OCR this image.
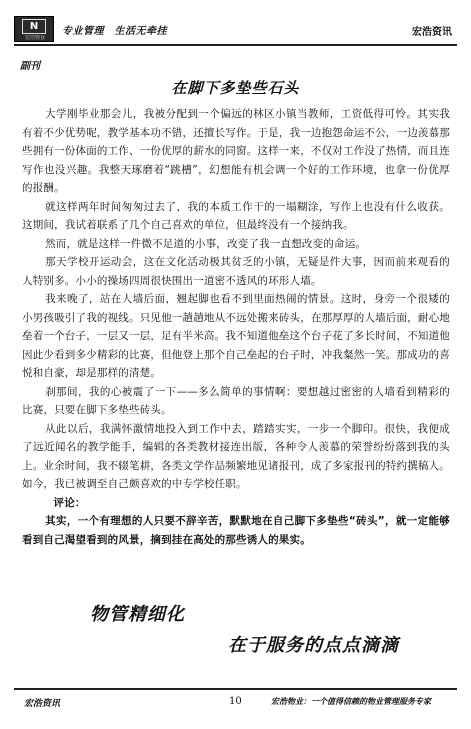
N
宏浩物业
专业管理　生活无牵挂	宏浩资讯
副刊
在脚下多垫些石头

大学刚毕业那会儿，我被分配到一个偏远的林区小镇当教师，工资低得可怜。其实我有着不少优势呢，教学基本功不错，还擅长写作。于是，我一边抱怨命运不公，一边羡慕那些拥有一份体面的工作、一份优厚的薪水的同窗。这样一来，不仅对工作没了热情，而且连写作也没兴趣。我整天琢磨着“跳槽”，幻想能有机会调一个好的工作环境，也拿一份优厚的报酬。

就这样两年时间匆匆过去了，我的本质工作干的一塌糊涂，写作上也没有什么收获。这期间，我试着联系了几个自己喜欢的单位，但最终没有一个接纳我。

然而，就是这样一件微不足道的小事，改变了我一直想改变的命运。

那天学校开运动会，这在文化活动极其贫乏的小镇，无疑是件大事，因而前来观看的人特别多。小小的操场四周很快围出一道密不透风的环形人墙。

我来晚了，站在人墙后面，翘起脚也看不到里面热闹的情景。这时，身旁一个很矮的小男孩吸引了我的视线。只见他一趟趟地从不远处搬来砖头，在那厚厚的人墙后面，耐心地垒着一个台子，一层又一层，足有半米高。我不知道他垒这个台子花了多长时间，不知道他因此少看到多少精彩的比赛，但他登上那个自己垒起的台子时，冲我粲然一笑。那成功的喜悦和自豪，却是那样的清楚。

刹那间，我的心被震了一下——多么简单的事情啊：要想越过密密的人墙看到精彩的比赛，只要在脚下多垫些砖头。

从此以后，我满怀激情地投入到工作中去，踏踏实实，一步一个脚印。很快，我便成了远近闻名的教学能手，编辑的各类教材接连出版，各种令人羡慕的荣誉纷纷落到我的头上。业余时间，我不辍笔耕，各类文学作品频繁地见诸报刊，成了多家报刊的特约撰稿人。如今，我已被调至自己颇喜欢的中专学校任职。

评论：

其实，一个有理想的人只要不辞辛苦，默默地在自己脚下多垫些“砖头”，就一定能够看到自己渴望看到的风景，摘到挂在高处的那些诱人的果实。

物管精细化
在于服务的点点滴滴
宏浩资讯	10	宏浩物业：一个值得信赖的物业管理服务专家
